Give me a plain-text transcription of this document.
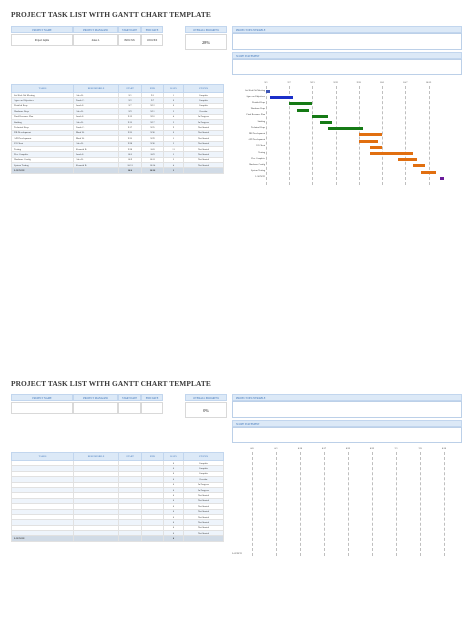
PROJECT TASK LIST WITH GANTT CHART TEMPLATE
PROJECT NAME	PROJECT MANAGER	START DATE	END DATE
Project Alpha	Jones L	09/01/XX	10/16/XX
OVERALL PROGRESS
28%
PROJECT DELIVERABLE
SCOPE STATEMENT
TASKS	RESPONSIBLE	START	END	DAYS	STATUS
Set Kick Off Meeting	Alex B.	9/1	9/1	1	Complete
Agree on Objectives	Frank C.	9/2	9/7	6	Complete
Detailed Reqs	Jacob S.	9/7	9/12	6	Complete
Hardware Reqs	Alex B.	9/9	9/11	3	Overdue
Final Resource Plan	Jacob S.	9/13	9/16	4	In Progress
Staffing	Alex B.	9/15	9/17	3	In Progress
Technical Reqs	Frank C.	9/17	9/25	9	Not Started
DB Development	Mark W.	9/25	9/30	6	Not Started
API Development	Mark W.	9/25	9/29	5	Not Started
UI Client	Alex B.	9/28	9/30	3	Not Started
Testing	Kenneth B.	9/28	10/8	11	Not Started
Dev. Complete	Jacob S.	10/5	10/9	5	Not Started
Hardware Config	Alex B.	10/9	10/11	3	Not Started
System Testing	Kenneth B.	10/11	10/14	4	Not Started
LAUNCH		10/4	10/16	1	
9/1	9/7	9/13	9/19	9/25	10/1	10/7	10/13
Set Kick Off Meeting
Agree on Objectives
Detailed Reqs
Hardware Reqs
Final Resource Plan
Staffing
Technical Reqs
DB Development
API Development
UI Client
Testing
Dev. Complete
Hardware Config
System Testing
LAUNCH
PROJECT TASK LIST WITH GANTT CHART TEMPLATE
PROJECT NAME	PROJECT MANAGER	START DATE	END DATE	OVERALL PROGRESS
0%
PROJECT DELIVERABLE
SCOPE STATEMENT
TASKS	RESPONSIBLE	START	END	DAYS	STATUS
				0	Complete
				0	Complete
				0	Complete
				0	Overdue
				0	In Progress
				0	In Progress
				0	Not Started
				0	Not Started
				0	Not Started
				0	Not Started
				0	Not Started
				0	Not Started
				0	Not Started
				0	Not Started
LAUNCH				0	
0/0	0/1	0/16	0/17	0/23	0/22	7/1	7/8	0/16
LAUNCH
